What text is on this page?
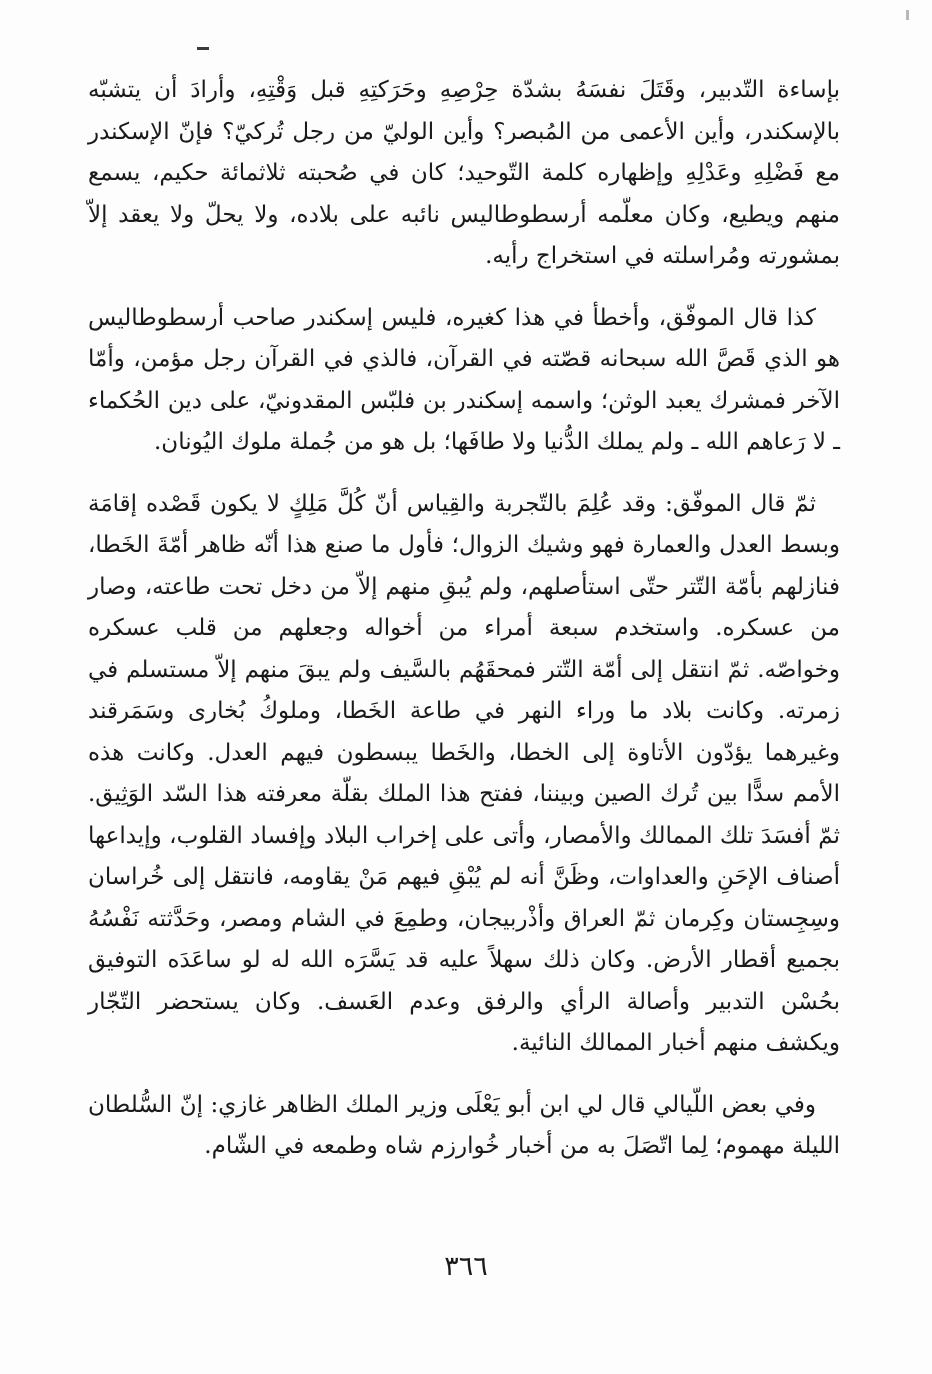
بإساءة التّدبير، وقَتَلَ نفسَهُ بشدّة حِرْصِهِ وحَرَكتِهِ قبل وَقْتِهِ، وأرادَ أن يتشبّه بالإسكندر، وأين الأعمى من المُبصر؟ وأين الوليّ من رجل تُركيّ؟ فإنّ الإسكندر مع فَضْلِهِ وعَدْلِهِ وإظهاره كلمة التّوحيد؛ كان في صُحبته ثلاثمائة حكيم، يسمع منهم ويطيع، وكان معلّمه أرسطوطاليس نائبه على بلاده، ولا يحلّ ولا يعقد إلاّ بمشورته ومُراسلته في استخراج رأيه.

كذا قال الموفّق، وأخطأ في هذا كغيره، فليس إسكندر صاحب أرسطوطاليس هو الذي قَصَّ الله سبحانه قصّته في القرآن، فالذي في القرآن رجل مؤمن، وأمّا الآخر فمشرك يعبد الوثن؛ واسمه إسكندر بن فلبّس المقدونيّ، على دين الحُكماء ـ لا رَعاهم الله ـ ولم يملك الدُّنيا ولا طافَها؛ بل هو من جُملة ملوك اليُونان.

ثمّ قال الموفّق: وقد عُلِمَ بالتّجربة والقِياس أنّ كُلَّ مَلِكٍ لا يكون قَصْده إقامَة وبسط العدل والعمارة فهو وشيك الزوال؛ فأول ما صنع هذا أنّه ظاهر أمّةَ الخَطا، فنازلهم بأمّة التّتر حتّى استأصلهم، ولم يُبقِ منهم إلاّ من دخل تحت طاعته، وصار من عسكره. واستخدم سبعة أمراء من أخواله وجعلهم من قلب عسكره وخواصّه. ثمّ انتقل إلى أمّة التّتر فمحقَهُم بالسَّيف ولم يبقَ منهم إلاّ مستسلم في زمرته. وكانت بلاد ما وراء النهر في طاعة الخَطا، وملوكُ بُخارى وسَمَرقند وغيرهما يؤدّون الأتاوة إلى الخطا، والخَطا يبسطون فيهم العدل. وكانت هذه الأمم سدًّا بين تُرك الصين وبيننا، ففتح هذا الملك بقلّة معرفته هذا السّد الوَثِيق. ثمّ أفسَدَ تلك الممالك والأمصار، وأتى على إخراب البلاد وإفساد القلوب، وإيداعها أصناف الإحَنِ والعداوات، وظَنَّ أنه لم يُبْقِ فيهم مَنْ يقاومه، فانتقل إلى خُراسان وسِجِستان وكِرمان ثمّ العراق وأذْربيجان، وطمِعَ في الشام ومصر، وحَدَّثته نَفْسُهُ بجميع أقطار الأرض. وكان ذلك سهلاً عليه قد يَسَّرَه الله له لو ساعَدَه التوفيق بحُسْن التدبير وأصالة الرأي والرفق وعدم العَسف. وكان يستحضر التّجّار ويكشف منهم أخبار الممالك النائية.

وفي بعض اللّيالي قال لي ابن أبو يَعْلَى وزير الملك الظاهر غازي: إنّ السُّلطان الليلة مهموم؛ لِما اتّصَلَ به من أخبار خُوارزم شاه وطمعه في الشّام.

٣٦٦
